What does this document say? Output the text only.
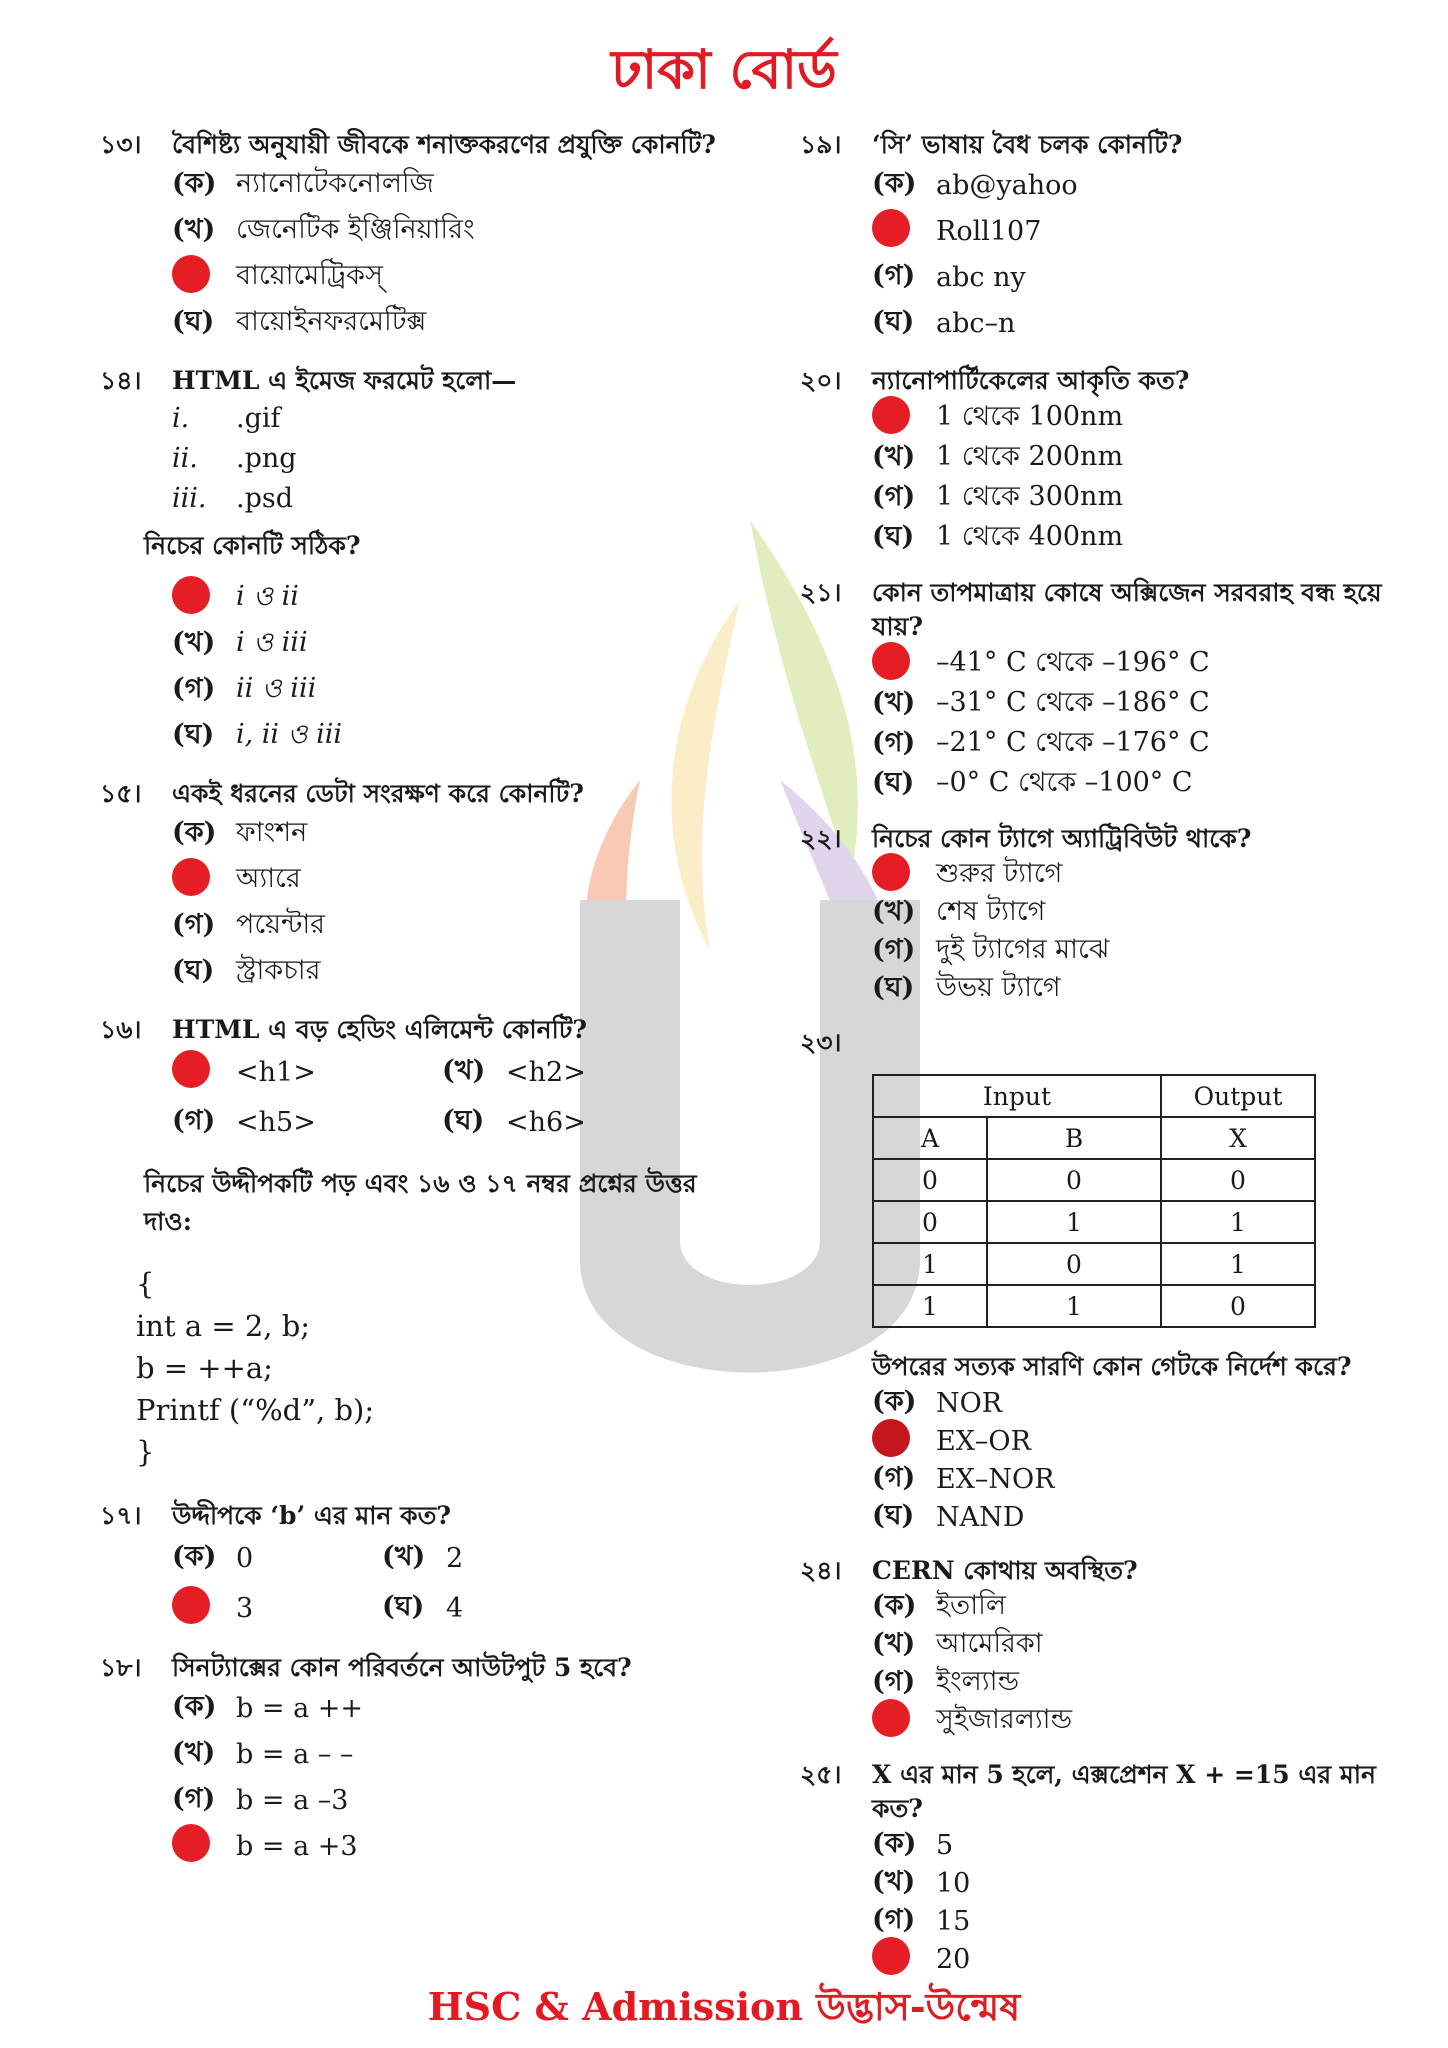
ঢাকা বোর্ড
১৩।	বৈশিষ্ট্য অনুযায়ী জীবকে শনাক্তকরণের প্রযুক্তি কোনটি?
(ক) ন্যানোটেকনোলজি
(খ) জেনেটিক ইঞ্জিনিয়ারিং
বায়োমেট্রিকস্
(ঘ) বায়োইনফরমেটিক্স
১৪।	HTML এ ইমেজ ফরমেট হলো—
i.	.gif
ii.	.png
iii.	.psd
নিচের কোনটি সঠিক?
i ও ii
(খ) i ও iii
(গ) ii ও iii
(ঘ) i, ii ও iii
১৫।	একই ধরনের ডেটা সংরক্ষণ করে কোনটি?
(ক) ফাংশন
অ্যারে
(গ) পয়েন্টার
(ঘ) স্ট্রাকচার
১৬।	HTML এ বড় হেডিং এলিমেন্ট কোনটি?
<h1>	(খ) <h2>
(গ) <h5>	(ঘ) <h6>
নিচের উদ্দীপকটি পড় এবং ১৬ ও ১৭ নম্বর প্রশ্নের উত্তর দাও:
{
int a = 2, b;
b = ++a;
Printf (“%d”, b);
}
১৭।	উদ্দীপকে ‘b’ এর মান কত?
(ক) 0	(খ) 2
3	(ঘ) 4
১৮।	সিনট্যাক্সের কোন পরিবর্তনে আউটপুট 5 হবে?
(ক) b = a ++
(খ) b = a – –
(গ) b = a –3
b = a +3
১৯।	‘সি’ ভাষায় বৈধ চলক কোনটি?
(ক) ab@yahoo
Roll107
(গ) abc ny
(ঘ) abc–n
২০।	ন্যানোপার্টিকেলের আকৃতি কত?
1 থেকে 100nm
(খ) 1 থেকে 200nm
(গ) 1 থেকে 300nm
(ঘ) 1 থেকে 400nm
২১।	কোন তাপমাত্রায় কোষে অক্সিজেন সরবরাহ বন্ধ হয়ে যায়?
–41° C থেকে –196° C
(খ) –31° C থেকে –186° C
(গ) –21° C থেকে –176° C
(ঘ) –0° C থেকে –100° C
২২।	নিচের কোন ট্যাগে অ্যাট্রিবিউট থাকে?
শুরুর ট্যাগে
(খ) শেষ ট্যাগে
(গ) দুই ট্যাগের মাঝে
(ঘ) উভয় ট্যাগে
২৩।
Input		Output
A	B	X
0	0	0
0	1	1
1	0	1
1	1	0
উপরের সত্যক সারণি কোন গেটকে নির্দেশ করে?
(ক) NOR
EX–OR
(গ) EX–NOR
(ঘ) NAND
২৪।	CERN কোথায় অবস্থিত?
(ক) ইতালি
(খ) আমেরিকা
(গ) ইংল্যান্ড
সুইজারল্যান্ড
২৫।	X এর মান 5 হলে, এক্সপ্রেশন X + =15 এর মান কত?
(ক) 5
(খ) 10
(গ) 15
20
HSC & Admission উদ্ভাস-উন্মেষ
